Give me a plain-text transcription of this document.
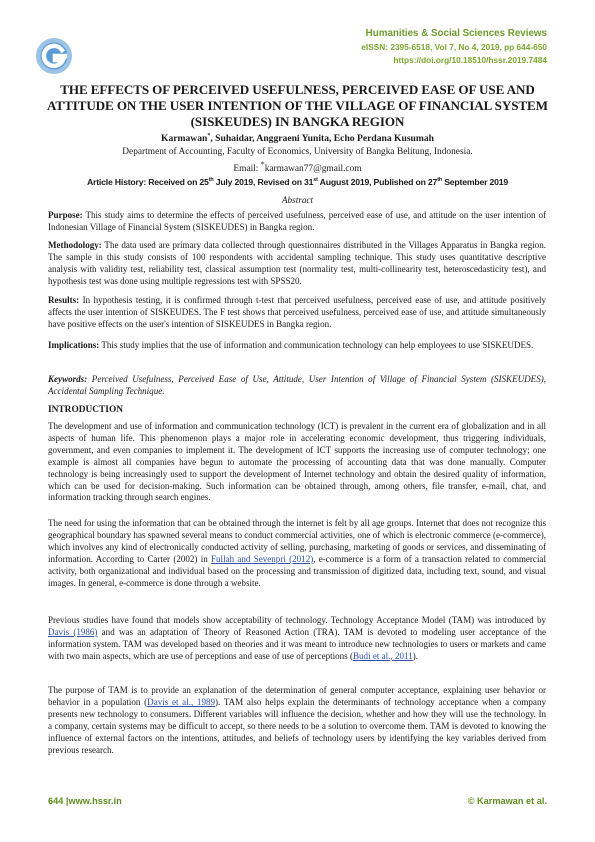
Humanities & Social Sciences Reviews
eISSN: 2395-6518, Vol 7, No 4, 2019, pp 644-650
https://doi.org/10.18510/hssr.2019.7484
THE EFFECTS OF PERCEIVED USEFULNESS, PERCEIVED EASE OF USE AND ATTITUDE ON THE USER INTENTION OF THE VILLAGE OF FINANCIAL SYSTEM (SISKEUDES) IN BANGKA REGION
Karmawan*, Suhaidar, Anggraeni Yunita, Echo Perdana Kusumah
Department of Accounting, Faculty of Economics, University of Bangka Belitung, Indonesia.
Email: *karmawan77@gmail.com
Article History: Received on 25th July 2019, Revised on 31st August 2019, Published on 27th September 2019
Abstract
Purpose: This study aims to determine the effects of perceived usefulness, perceived ease of use, and attitude on the user intention of Indonesian Village of Financial System (SISKEUDES) in Bangka region.
Methodology: The data used are primary data collected through questionnaires distributed in the Villages Apparatus in Bangka region. The sample in this study consists of 100 respondents with accidental sampling technique. This study uses quantitative descriptive analysis with validity test, reliability test, classical assumption test (normality test, multi-collinearity test, heteroscedasticity test), and hypothesis test was done using multiple regressions test with SPSS20.
Results: In hypothesis testing, it is confirmed through t-test that perceived usefulness, perceived ease of use, and attitude positively affects the user intention of SISKEUDES. The F test shows that perceived usefulness, perceived ease of use, and attitude simultaneously have positive effects on the user's intention of SISKEUDES in Bangka region.
Implications: This study implies that the use of information and communication technology can help employees to use SISKEUDES.
Keywords: Perceived Usefulness, Perceived Ease of Use, Attitude, User Intention of Village of Financial System (SISKEUDES), Accidental Sampling Technique.
INTRODUCTION
The development and use of information and communication technology (ICT) is prevalent in the current era of globalization and in all aspects of human life. This phenomenon plays a major role in accelerating economic development, thus triggering individuals, government, and even companies to implement it. The development of ICT supports the increasing use of computer technology; one example is almost all companies have begun to automate the processing of accounting data that was done manually. Computer technology is being increasingly used to support the development of Internet technology and obtain the desired quality of information, which can be used for decision-making. Such information can be obtained through, among others, file transfer, e-mail, chat, and information tracking through search engines.
The need for using the information that can be obtained through the internet is felt by all age groups. Internet that does not recognize this geographical boundary has spawned several means to conduct commercial activities, one of which is electronic commerce (e-commerce), which involves any kind of electronically conducted activity of selling, purchasing, marketing of goods or services, and disseminating of information. According to Carter (2002) in Fullah and Sevenpri (2012), e-commerce is a form of a transaction related to commercial activity, both organizational and individual based on the processing and transmission of digitized data, including text, sound, and visual images. In general, e-commerce is done through a website.
Previous studies have found that models show acceptability of technology. Technology Acceptance Model (TAM) was introduced by Davis (1986) and was an adaptation of Theory of Reasoned Action (TRA). TAM is devoted to modeling user acceptance of the information system. TAM was developed based on theories and it was meant to introduce new technologies to users or markets and came with two main aspects, which are use of perceptions and ease of use of perceptions (Budi et al., 2011).
The purpose of TAM is to provide an explanation of the determination of general computer acceptance, explaining user behavior or behavior in a population (Davis et al., 1989). TAM also helps explain the determinants of technology acceptance when a company presents new technology to consumers. Different variables will influence the decision, whether and how they will use the technology. In a company, certain systems may be difficult to accept, so there needs to be a solution to overcome them. TAM is devoted to knowing the influence of external factors on the intentions, attitudes, and beliefs of technology users by identifying the key variables derived from previous research.
644 |www.hssr.in	© Karmawan et al.
